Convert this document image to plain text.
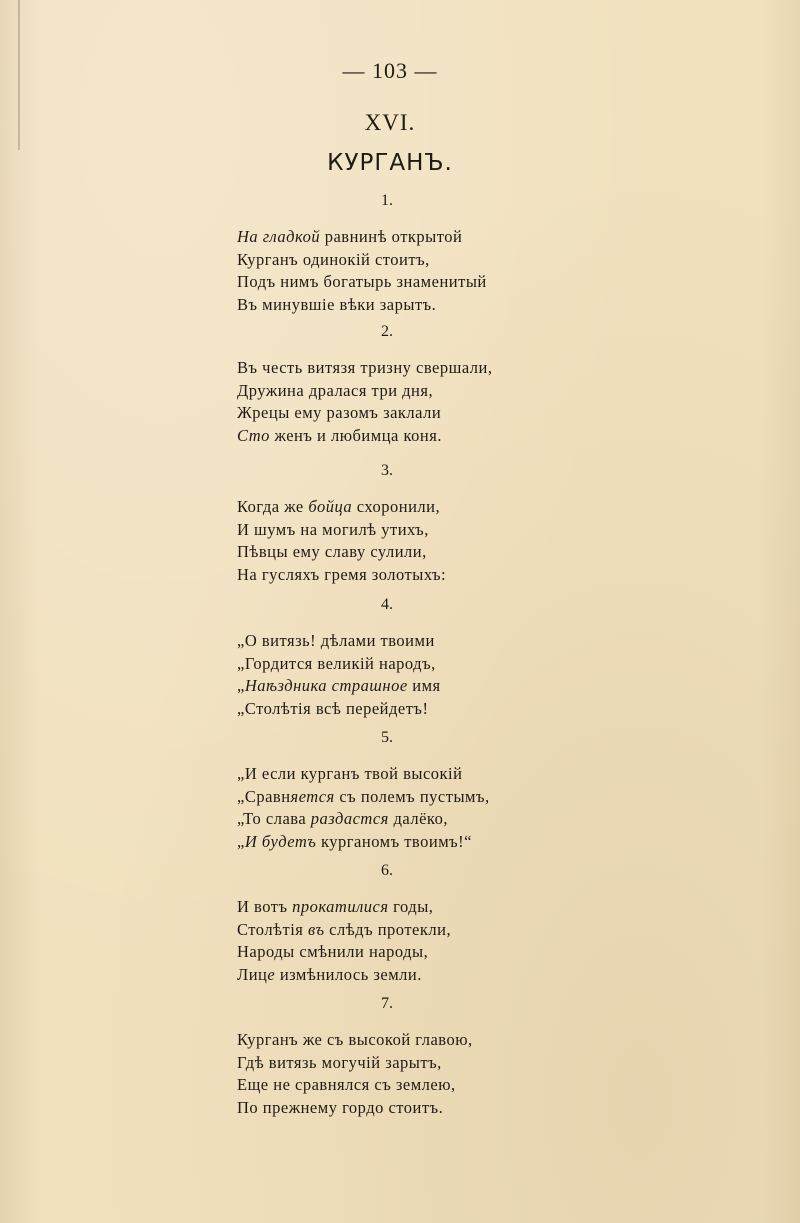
— 103 —
XVI.
КУРГАНЪ.
1.
На гладкой равнинѣ открытой
Курганъ одинокій стоитъ,
Подъ нимъ богатырь знаменитый
Въ минувшіе вѣки зарытъ.
2.
Въ честь витязя тризну свершали,
Дружина дралася три дня,
Жрецы ему разомъ заклали
Сто женъ и любимца коня.
3.
Когда же бойца схоронили,
И шумъ на могилѣ утихъ,
Пѣвцы ему славу сулили,
На гусляхъ гремя золотыхъ:
4.
„О витязь! дѣлами твоими
„Гордится великій народъ,
„Наѣздника страшное имя
„Столѣтія всѣ перейдетъ!
5.
„И если курганъ твой высокій
„Сравняется съ полемъ пустымъ,
„То слава раздастся далёко,
„И будетъ курганомъ твоимъ!“
6.
И вотъ прокатилися годы,
Столѣтія въ слѣдъ протекли,
Народы смѣнили народы,
Лице измѣнилось земли.
7.
Курганъ же съ высокой главою,
Гдѣ витязь могучій зарытъ,
Еще не сравнялся съ землею,
По прежнему гордо стоитъ.
